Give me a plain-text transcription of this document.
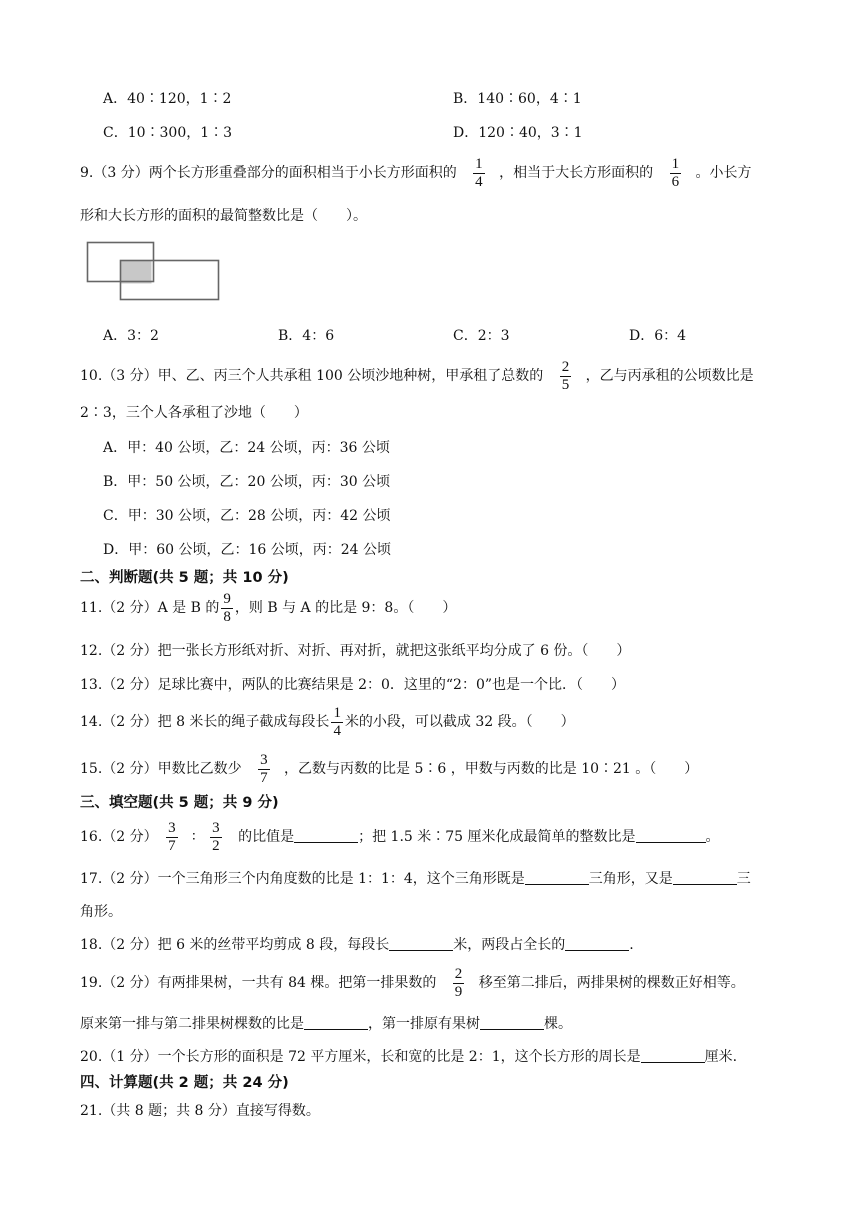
A．40∶120，1∶2	B．140∶60，4∶1
C．10∶300，1∶3	D．120∶40，3∶1
9.（3 分）两个长方形重叠部分的面积相当于小长方形面积的 $\frac{1}{4}$ ，相当于大长方形面积的 $\frac{1}{6}$ 。小长方
形和大长方形的面积的最简整数比是（　　）。
A．3：2	B．4：6	C．2：3	D．6：4
10.（3 分）甲、乙、丙三个人共承租 100 公顷沙地种树，甲承租了总数的 $\frac{2}{5}$ ，乙与丙承租的公顷数比是
2∶3，三个人各承租了沙地（　　）
A．甲：40 公顷，乙：24 公顷，丙：36 公顷
B．甲：50 公顷，乙：20 公顷，丙：30 公顷
C．甲：30 公顷，乙：28 公顷，丙：42 公顷
D．甲：60 公顷，乙：16 公顷，丙：24 公顷
二、判断题(共 5 题；共 10 分)
11.（2 分）A 是 B 的 $\frac{9}{8}$ ，则 B 与 A 的比是 9：8。（　　）
12.（2 分）把一张长方形纸对折、对折、再对折，就把这张纸平均分成了 6 份。（　　）
13.（2 分）足球比赛中，两队的比赛结果是 2：0．这里的“2：0”也是一个比．（　　）
14.（2 分）把 8 米长的绳子截成每段长 $\frac{1}{4}$ 米的小段，可以截成 32 段。（　　）
15.（2 分）甲数比乙数少 $\frac{3}{7}$ ，乙数与丙数的比是 5∶6 ，甲数与丙数的比是 10∶21 。（　　）
三、填空题(共 5 题；共 9 分)
16.（2 分） $\frac{3}{7}$ ∶ $\frac{3}{2}$ 的比值是	；把 1.5 米∶75 厘米化成最简单的整数比是	。
17.（2 分）一个三角形三个内角度数的比是 1：1：4，这个三角形既是	三角形，又是	三
角形。
18.（2 分）把 6 米的丝带平均剪成 8 段，每段长	米，两段占全长的	.
19.（2 分）有两排果树，一共有 84 棵。把第一排果数的 $\frac{2}{9}$ 移至第二排后，两排果树的棵数正好相等。
原来第一排与第二排果树棵数的比是	，第一排原有果树	棵。
20.（1 分）一个长方形的面积是 72 平方厘米，长和宽的比是 2：1，这个长方形的周长是	厘米.
四、计算题(共 2 题；共 24 分)
21.（共 8 题；共 8 分）直接写得数。
